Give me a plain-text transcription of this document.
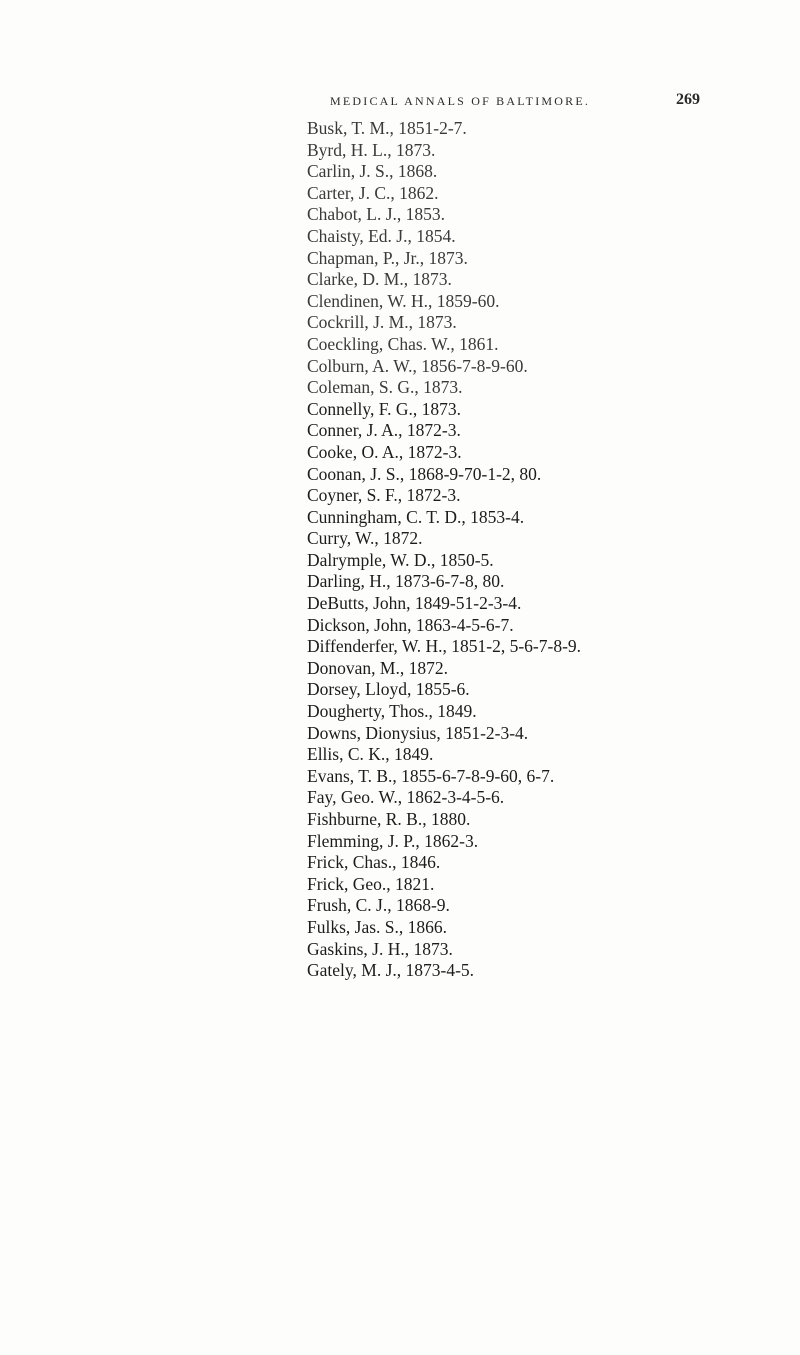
MEDICAL ANNALS OF BALTIMORE.	269
Busk, T. M., 1851-2-7.
Byrd, H. L., 1873.
Carlin, J. S., 1868.
Carter, J. C., 1862.
Chabot, L. J., 1853.
Chaisty, Ed. J., 1854.
Chapman, P., Jr., 1873.
Clarke, D. M., 1873.
Clendinen, W. H., 1859-60.
Cockrill, J. M., 1873.
Coeckling, Chas. W., 1861.
Colburn, A. W., 1856-7-8-9-60.
Coleman, S. G., 1873.
Connelly, F. G., 1873.
Conner, J. A., 1872-3.
Cooke, O. A., 1872-3.
Coonan, J. S., 1868-9-70-1-2, 80.
Coyner, S. F., 1872-3.
Cunningham, C. T. D., 1853-4.
Curry, W., 1872.
Dalrymple, W. D., 1850-5.
Darling, H., 1873-6-7-8, 80.
DeButts, John, 1849-51-2-3-4.
Dickson, John, 1863-4-5-6-7.
Diffenderfer, W. H., 1851-2, 5-6-7-8-9.
Donovan, M., 1872.
Dorsey, Lloyd, 1855-6.
Dougherty, Thos., 1849.
Downs, Dionysius, 1851-2-3-4.
Ellis, C. K., 1849.
Evans, T. B., 1855-6-7-8-9-60, 6-7.
Fay, Geo. W., 1862-3-4-5-6.
Fishburne, R. B., 1880.
Flemming, J. P., 1862-3.
Frick, Chas., 1846.
Frick, Geo., 1821.
Frush, C. J., 1868-9.
Fulks, Jas. S., 1866.
Gaskins, J. H., 1873.
Gately, M. J., 1873-4-5.
